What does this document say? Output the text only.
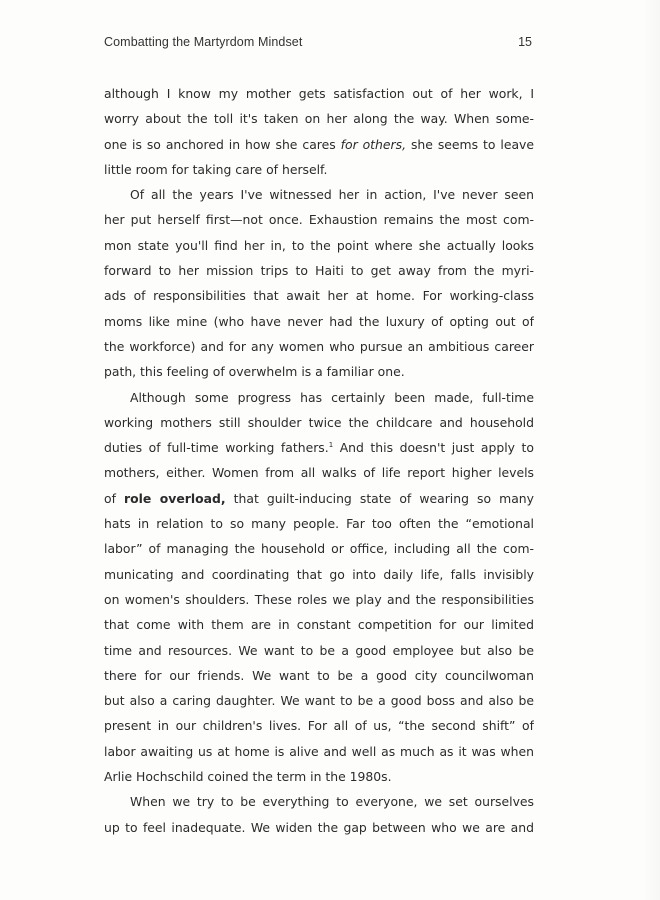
Combatting the Martyrdom Mindset	15
although I know my mother gets satisfaction out of her work, I
worry about the toll it's taken on her along the way. When some-
one is so anchored in how she cares for others, she seems to leave
little room for taking care of herself.
Of all the years I've witnessed her in action, I've never seen
her put herself first—not once. Exhaustion remains the most com-
mon state you'll find her in, to the point where she actually looks
forward to her mission trips to Haiti to get away from the myri-
ads of responsibilities that await her at home. For working-class
moms like mine (who have never had the luxury of opting out of
the workforce) and for any women who pursue an ambitious career
path, this feeling of overwhelm is a familiar one.
Although some progress has certainly been made, full-time
working mothers still shoulder twice the childcare and household
duties of full-time working fathers.$^1$ And this doesn't just apply to
mothers, either. Women from all walks of life report higher levels
of role overload, that guilt-inducing state of wearing so many
hats in relation to so many people. Far too often the “emotional
labor” of managing the household or office, including all the com-
municating and coordinating that go into daily life, falls invisibly
on women's shoulders. These roles we play and the responsibilities
that come with them are in constant competition for our limited
time and resources. We want to be a good employee but also be
there for our friends. We want to be a good city councilwoman
but also a caring daughter. We want to be a good boss and also be
present in our children's lives. For all of us, “the second shift” of
labor awaiting us at home is alive and well as much as it was when
Arlie Hochschild coined the term in the 1980s.
When we try to be everything to everyone, we set ourselves
up to feel inadequate. We widen the gap between who we are and
